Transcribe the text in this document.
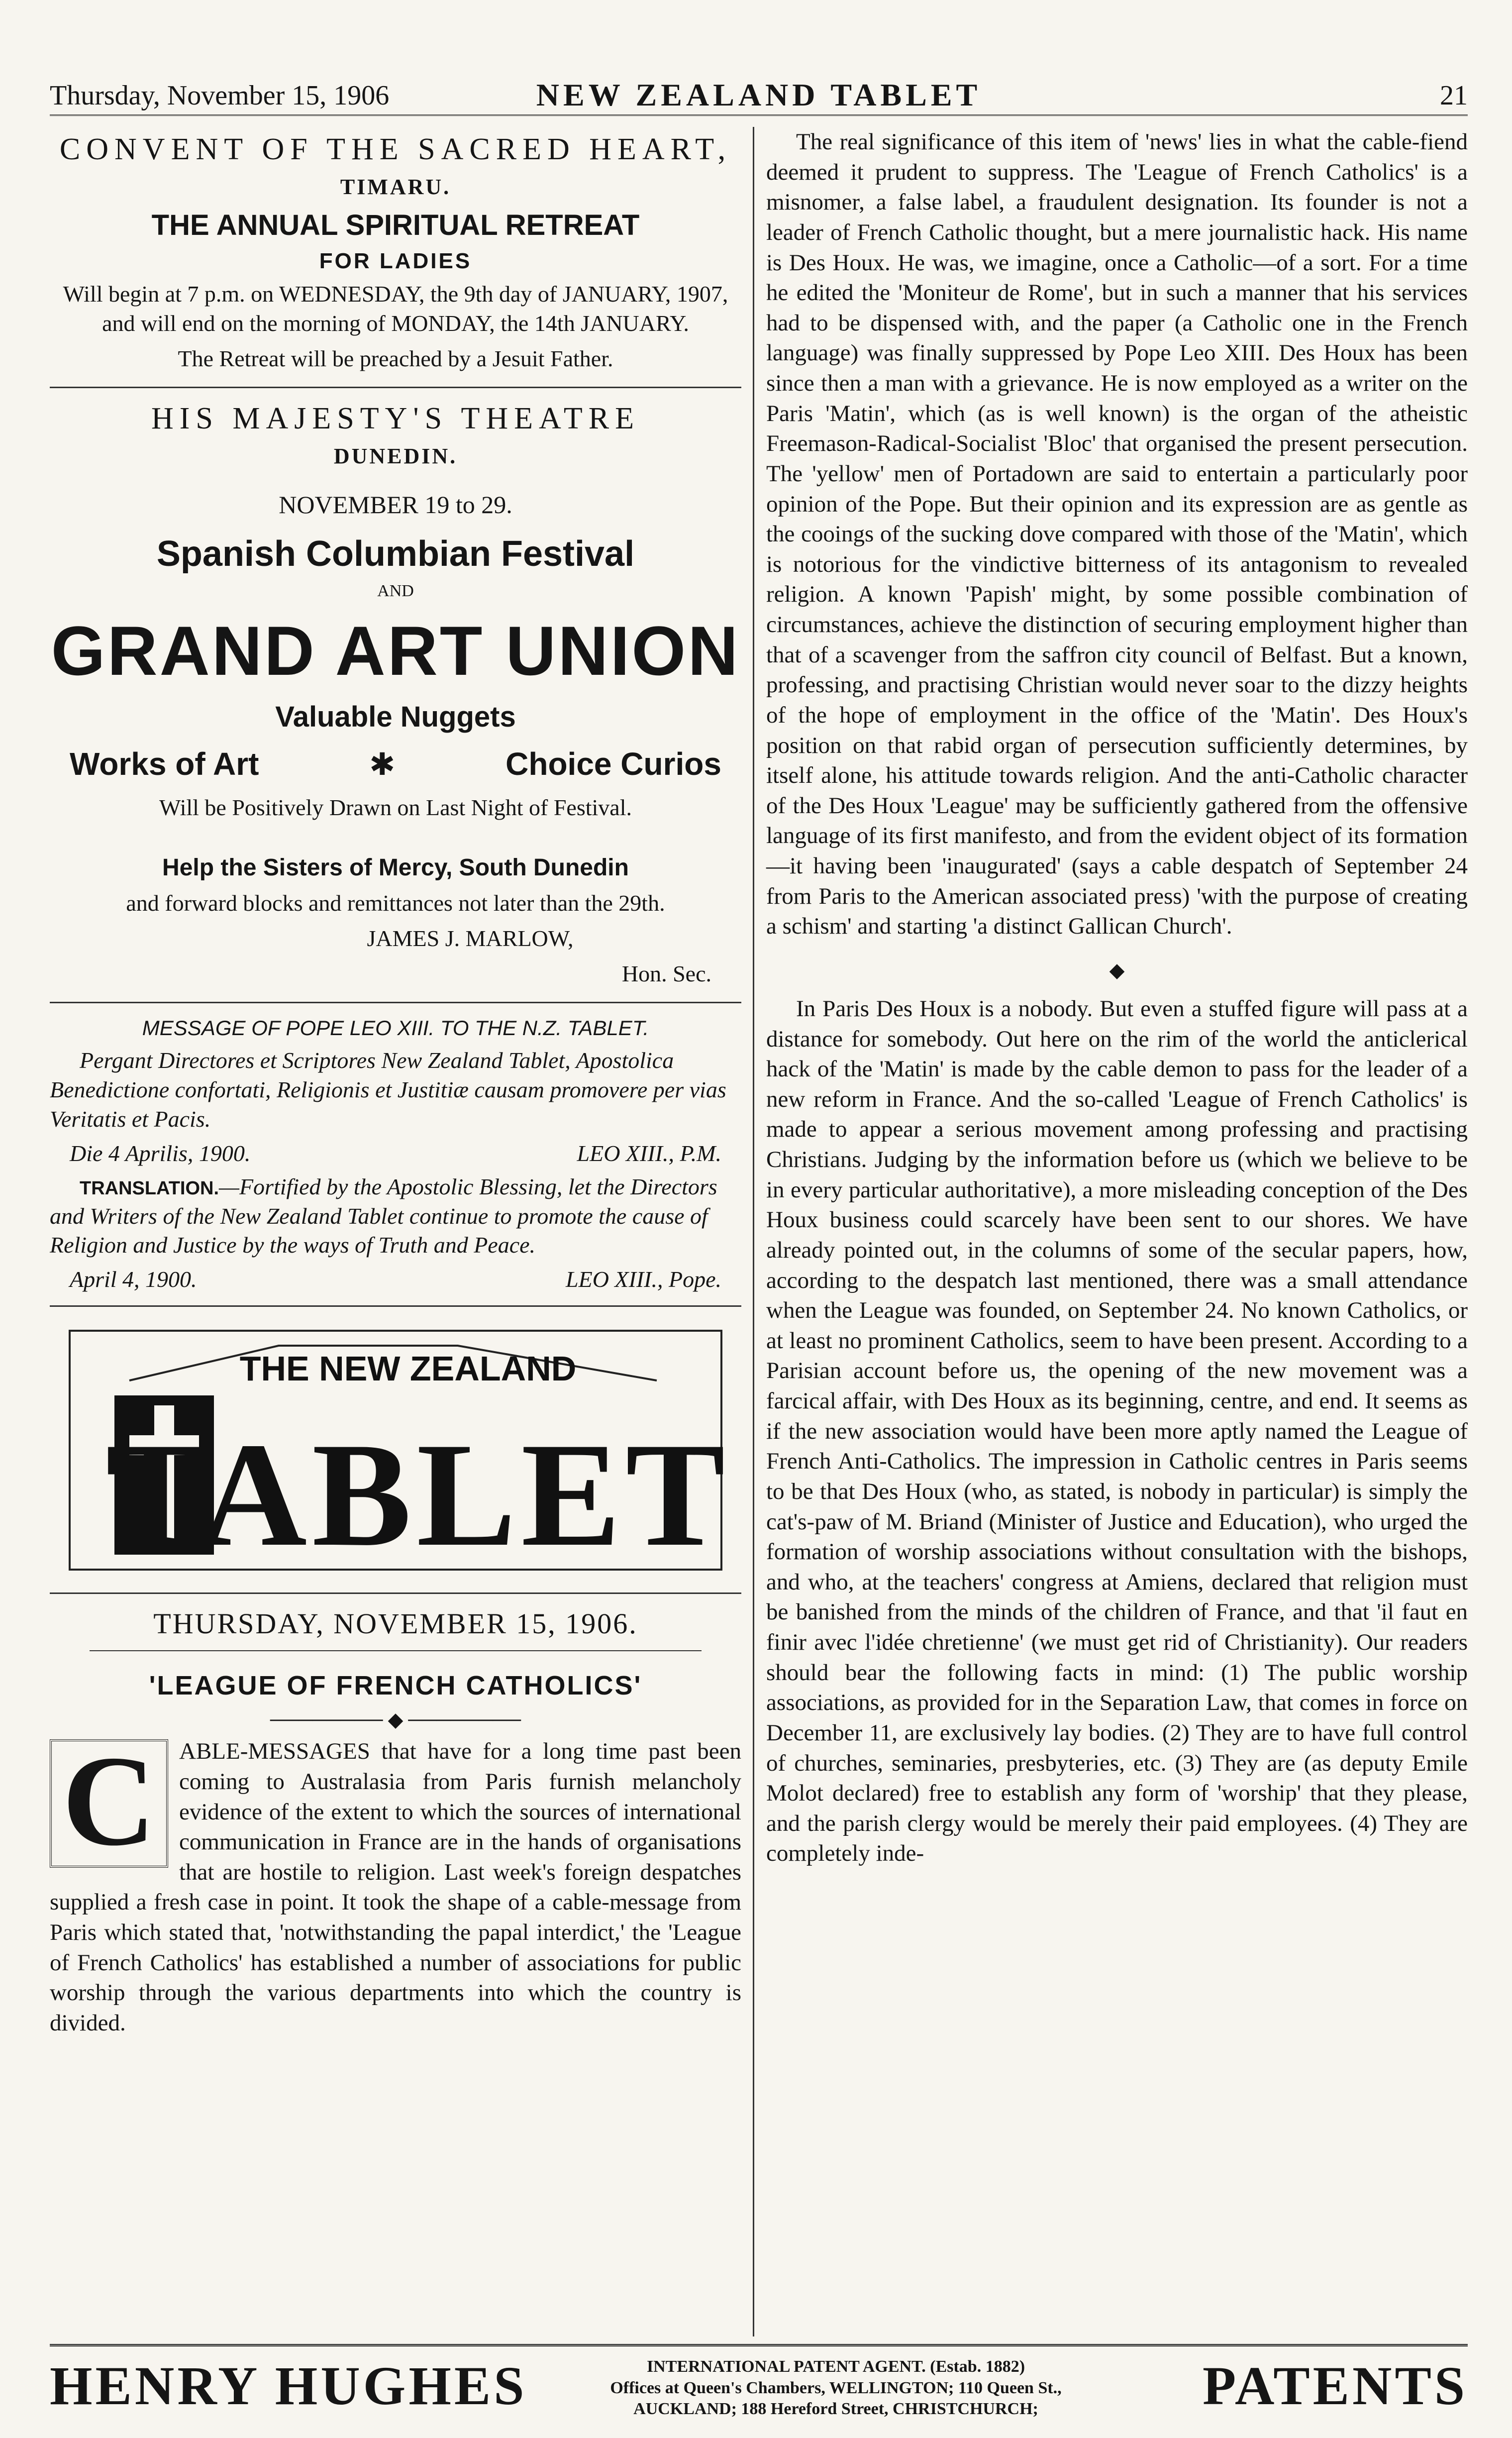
Thursday, November 15, 1906	NEW ZEALAND TABLET	21
CONVENT OF THE SACRED HEART,
TIMARU.
THE ANNUAL SPIRITUAL RETREAT
FOR LADIES
Will begin at 7 p.m. on WEDNESDAY, the 9th day of JANUARY, 1907, and will end on the morning of MONDAY, the 14th JANUARY.
The Retreat will be preached by a Jesuit Father.
HIS MAJESTY'S THEATRE
DUNEDIN.
NOVEMBER 19 to 29.
Spanish Columbian Festival
AND
GRAND ART UNION
Valuable Nuggets
Works of Art	✱	Choice Curios
Will be Positively Drawn on Last Night of Festival.
Help the Sisters of Mercy, South Dunedin
and forward blocks and remittances not later than the 29th.
JAMES J. MARLOW,
Hon. Sec.
MESSAGE OF POPE LEO XIII. TO THE N.Z. TABLET.
Pergant Directores et Scriptores New Zealand Tablet, Apostolica Benedictione confortati, Religionis et Justitiæ causam promovere per vias Veritatis et Pacis.
Die 4 Aprilis, 1900.	LEO XIII., P.M.
TRANSLATION.—Fortified by the Apostolic Blessing, let the Directors and Writers of the New Zealand Tablet continue to promote the cause of Religion and Justice by the ways of Truth and Peace.
April 4, 1900.	LEO XIII., Pope.
THE NEW ZEALAND
TABLET
THURSDAY, NOVEMBER 15, 1906.
'LEAGUE OF FRENCH CATHOLICS'
──────── ◆ ────────
C	ABLE-MESSAGES that have for a long time past been coming to Australasia from Paris furnish melancholy evidence of the extent to which the sources of international communication in France are in the hands of organisations that are hostile to religion. Last week's foreign despatches supplied a fresh case in point. It took the shape of a cable-message from Paris which stated that, 'notwithstanding the papal interdict,' the 'League of French Catholics' has established a number of associations for public worship through the various departments into which the country is divided.

The real significance of this item of 'news' lies in what the cable-fiend deemed it prudent to suppress. The 'League of French Catholics' is a misnomer, a false label, a fraudulent designation. Its founder is not a leader of French Catholic thought, but a mere journalistic hack. His name is Des Houx. He was, we imagine, once a Catholic—of a sort. For a time he edited the 'Moniteur de Rome', but in such a manner that his services had to be dispensed with, and the paper (a Catholic one in the French language) was finally suppressed by Pope Leo XIII. Des Houx has been since then a man with a grievance. He is now employed as a writer on the Paris 'Matin', which (as is well known) is the organ of the atheistic Freemason-Radical-Socialist 'Bloc' that organised the present persecution. The 'yellow' men of Portadown are said to entertain a particularly poor opinion of the Pope. But their opinion and its expression are as gentle as the cooings of the sucking dove compared with those of the 'Matin', which is notorious for the vindictive bitterness of its antagonism to revealed religion. A known 'Papish' might, by some possible combination of circumstances, achieve the distinction of securing employment higher than that of a scavenger from the saffron city council of Belfast. But a known, professing, and practising Christian would never soar to the dizzy heights of the hope of employment in the office of the 'Matin'. Des Houx's position on that rabid organ of persecution sufficiently determines, by itself alone, his attitude towards religion. And the anti-Catholic character of the Des Houx 'League' may be sufficiently gathered from the offensive language of its first manifesto, and from the evident object of its formation—it having been 'inaugurated' (says a cable despatch of September 24 from Paris to the American associated press) 'with the purpose of creating a schism' and starting 'a distinct Gallican Church'.

◆

In Paris Des Houx is a nobody. But even a stuffed figure will pass at a distance for somebody. Out here on the rim of the world the anticlerical hack of the 'Matin' is made by the cable demon to pass for the leader of a new reform in France. And the so-called 'League of French Catholics' is made to appear a serious movement among professing and practising Christians. Judging by the information before us (which we believe to be in every particular authoritative), a more misleading conception of the Des Houx business could scarcely have been sent to our shores. We have already pointed out, in the columns of some of the secular papers, how, according to the despatch last mentioned, there was a small attendance when the League was founded, on September 24. No known Catholics, or at least no prominent Catholics, seem to have been present. According to a Parisian account before us, the opening of the new movement was a farcical affair, with Des Houx as its beginning, centre, and end. It seems as if the new association would have been more aptly named the League of French Anti-Catholics. The impression in Catholic centres in Paris seems to be that Des Houx (who, as stated, is nobody in particular) is simply the cat's-paw of M. Briand (Minister of Justice and Education), who urged the formation of worship associations without consultation with the bishops, and who, at the teachers' congress at Amiens, declared that religion must be banished from the minds of the children of France, and that 'il faut en finir avec l'idée chretienne' (we must get rid of Christianity). Our readers should bear the following facts in mind: (1) The public worship associations, as provided for in the Separation Law, that comes in force on December 11, are exclusively lay bodies. (2) They are to have full control of churches, seminaries, presbyteries, etc. (3) They are (as deputy Emile Molot declared) free to establish any form of 'worship' that they please, and the parish clergy would be merely their paid employees. (4) They are completely inde-

HENRY HUGHES	INTERNATIONAL PATENT AGENT. (Estab. 1882)
Offices at Queen's Chambers, WELLINGTON; 110 Queen St.,
AUCKLAND; 188 Hereford Street, CHRISTCHURCH;	PATENTS
